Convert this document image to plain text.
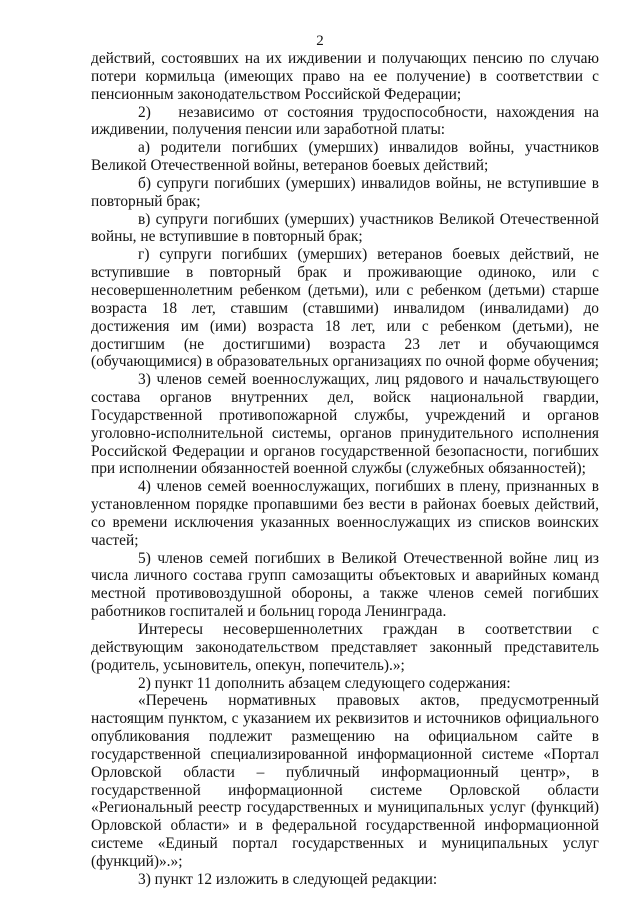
2

действий, состоявших на их иждивении и получающих пенсию по случаю потери кормильца (имеющих право на ее получение) в соответствии с пенсионным законодательством Российской Федерации;

2)   независимо от состояния трудоспособности, нахождения на иждивении, получения пенсии или заработной платы:

а) родители погибших (умерших) инвалидов войны, участников Великой Отечественной войны, ветеранов боевых действий;

б) супруги погибших (умерших) инвалидов войны, не вступившие в повторный брак;

в) супруги погибших (умерших) участников Великой Отечественной войны, не вступившие в повторный брак;

г) супруги погибших (умерших) ветеранов боевых действий, не вступившие в повторный брак и проживающие одиноко, или с несовершеннолетним ребенком (детьми), или с ребенком (детьми) старше возраста 18 лет, ставшим (ставшими) инвалидом (инвалидами) до достижения им (ими) возраста 18 лет, или с ребенком (детьми), не достигшим (не достигшими) возраста 23 лет и обучающимся (обучающимися) в образовательных организациях по очной форме обучения;

3) членов семей военнослужащих, лиц рядового и начальствующего состава органов внутренних дел, войск национальной гвардии, Государственной противопожарной службы, учреждений и органов уголовно-исполнительной системы, органов принудительного исполнения Российской Федерации и органов государственной безопасности, погибших при исполнении обязанностей военной службы (служебных обязанностей);

4) членов семей военнослужащих, погибших в плену, признанных в установленном порядке пропавшими без вести в районах боевых действий, со времени исключения указанных военнослужащих из списков воинских частей;

5) членов семей погибших в Великой Отечественной войне лиц из числа личного состава групп самозащиты объектовых и аварийных команд местной противовоздушной обороны, а также членов семей погибших работников госпиталей и больниц города Ленинграда.

Интересы несовершеннолетних граждан в соответствии с действующим законодательством представляет законный представитель (родитель, усыновитель, опекун, попечитель).»;

2) пункт 11 дополнить абзацем следующего содержания:

«Перечень нормативных правовых актов, предусмотренный настоящим пунктом, с указанием их реквизитов и источников официального опубликования подлежит размещению на официальном сайте в государственной специализированной информационной системе «Портал Орловской области – публичный информационный центр», в государственной информационной системе Орловской области «Региональный реестр государственных и муниципальных услуг (функций) Орловской области» и в федеральной государственной информационной системе «Единый портал государственных и муниципальных услуг (функций)».»;

3) пункт 12 изложить в следующей редакции:
